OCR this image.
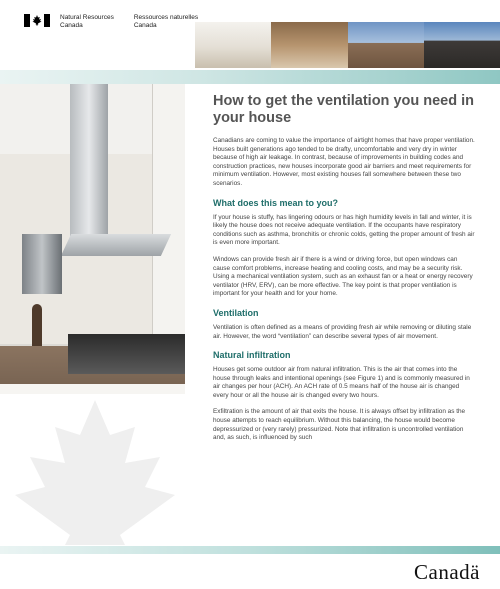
Natural Resources
Canada
Ressources naturelles
Canada
How to get the ventilation you need in your house

Canadians are coming to value the importance of airtight homes that have proper ventilation. Houses built generations ago tended to be drafty, uncomfortable and very dry in winter because of high air leakage. In contrast, because of improvements in building codes and construction practices, new houses incorporate good air barriers and meet requirements for minimum ventilation. However, most existing houses fall somewhere between these two scenarios.

What does this mean to you?

If your house is stuffy, has lingering odours or has high humidity levels in fall and winter, it is likely the house does not receive adequate ventilation. If the occupants have respiratory conditions such as asthma, bronchitis or chronic colds, getting the proper amount of fresh air is even more important.

Windows can provide fresh air if there is a wind or driving force, but open windows can cause comfort problems, increase heating and cooling costs, and may be a security risk. Using a mechanical ventilation system, such as an exhaust fan or a heat or energy recovery ventilator (HRV, ERV), can be more effective. The key point is that proper ventilation is important for your health and for your home.

Ventilation

Ventilation is often defined as a means of providing fresh air while removing or diluting stale air. However, the word “ventilation” can describe several types of air movement.

Natural infiltration

Houses get some outdoor air from natural infiltration. This is the air that comes into the house through leaks and intentional openings (see Figure 1) and is commonly measured in air changes per hour (ACH). An ACH rate of 0.5 means half of the house air is changed every hour or all the house air is changed every two hours.

Exfiltration is the amount of air that exits the house. It is always offset by infiltration as the house attempts to reach equilibrium. Without this balancing, the house would become depressurized or (very rarely) pressurized. Note that infiltration is uncontrolled ventilation and, as such, is influenced by such

Canadä
